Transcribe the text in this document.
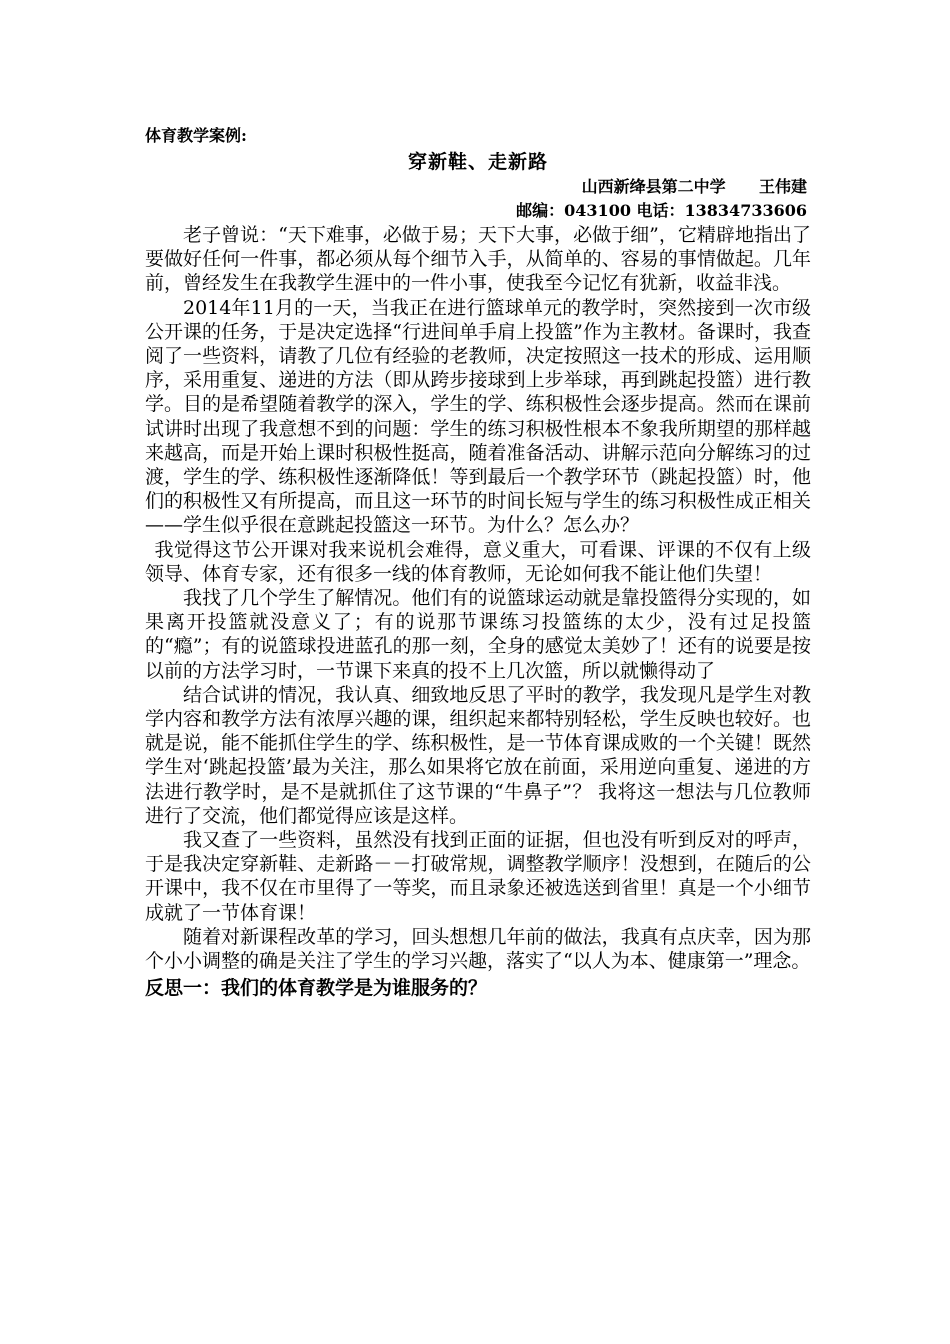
体育教学案例:

穿新鞋、走新路

山西新绛县第二中学      王伟建

邮编：043100 电话：13834733606

老子曾说：“天下难事，必做于易；天下大事，必做于细”，它精辟地指出了要做好任何一件事，都必须从每个细节入手，从简单的、容易的事情做起。几年前，曾经发生在我教学生涯中的一件小事，使我至今记忆有犹新，收益非浅。

2014年11月的一天，当我正在进行篮球单元的教学时，突然接到一次市级公开课的任务，于是决定选择“行进间单手肩上投篮”作为主教材。备课时，我查阅了一些资料，请教了几位有经验的老教师，决定按照这一技术的形成、运用顺序，采用重复、递进的方法（即从跨步接球到上步举球，再到跳起投篮）进行教学。目的是希望随着教学的深入，学生的学、练积极性会逐步提高。然而在课前试讲时出现了我意想不到的问题：学生的练习积极性根本不象我所期望的那样越来越高，而是开始上课时积极性挺高，随着准备活动、讲解示范向分解练习的过渡，学生的学、练积极性逐渐降低！等到最后一个教学环节（跳起投篮）时，他们的积极性又有所提高，而且这一环节的时间长短与学生的练习积极性成正相关——学生似乎很在意跳起投篮这一环节。为什么？怎么办？

我觉得这节公开课对我来说机会难得，意义重大，可看课、评课的不仅有上级领导、体育专家，还有很多一线的体育教师，无论如何我不能让他们失望！

我找了几个学生了解情况。他们有的说篮球运动就是靠投篮得分实现的，如果离开投篮就没意义了；有的说那节课练习投篮练的太少，没有过足投篮的“瘾”；有的说篮球投进蓝孔的那一刻，全身的感觉太美妙了！还有的说要是按以前的方法学习时，一节课下来真的投不上几次篮，所以就懒得动了

结合试讲的情况，我认真、细致地反思了平时的教学，我发现凡是学生对教学内容和教学方法有浓厚兴趣的课，组织起来都特别轻松，学生反映也较好。也就是说，能不能抓住学生的学、练积极性，是一节体育课成败的一个关键！既然学生对‘跳起投篮’最为关注，那么如果将它放在前面，采用逆向重复、递进的方法进行教学时，是不是就抓住了这节课的“牛鼻子”？ 我将这一想法与几位教师进行了交流，他们都觉得应该是这样。

我又查了一些资料，虽然没有找到正面的证据，但也没有听到反对的呼声，于是我决定穿新鞋、走新路－－打破常规，调整教学顺序！没想到，在随后的公开课中，我不仅在市里得了一等奖，而且录象还被选送到省里！真是一个小细节成就了一节体育课！

随着对新课程改革的学习，回头想想几年前的做法，我真有点庆幸，因为那个小小调整的确是关注了学生的学习兴趣，落实了“以人为本、健康第一”理念。

反思一：我们的体育教学是为谁服务的？
